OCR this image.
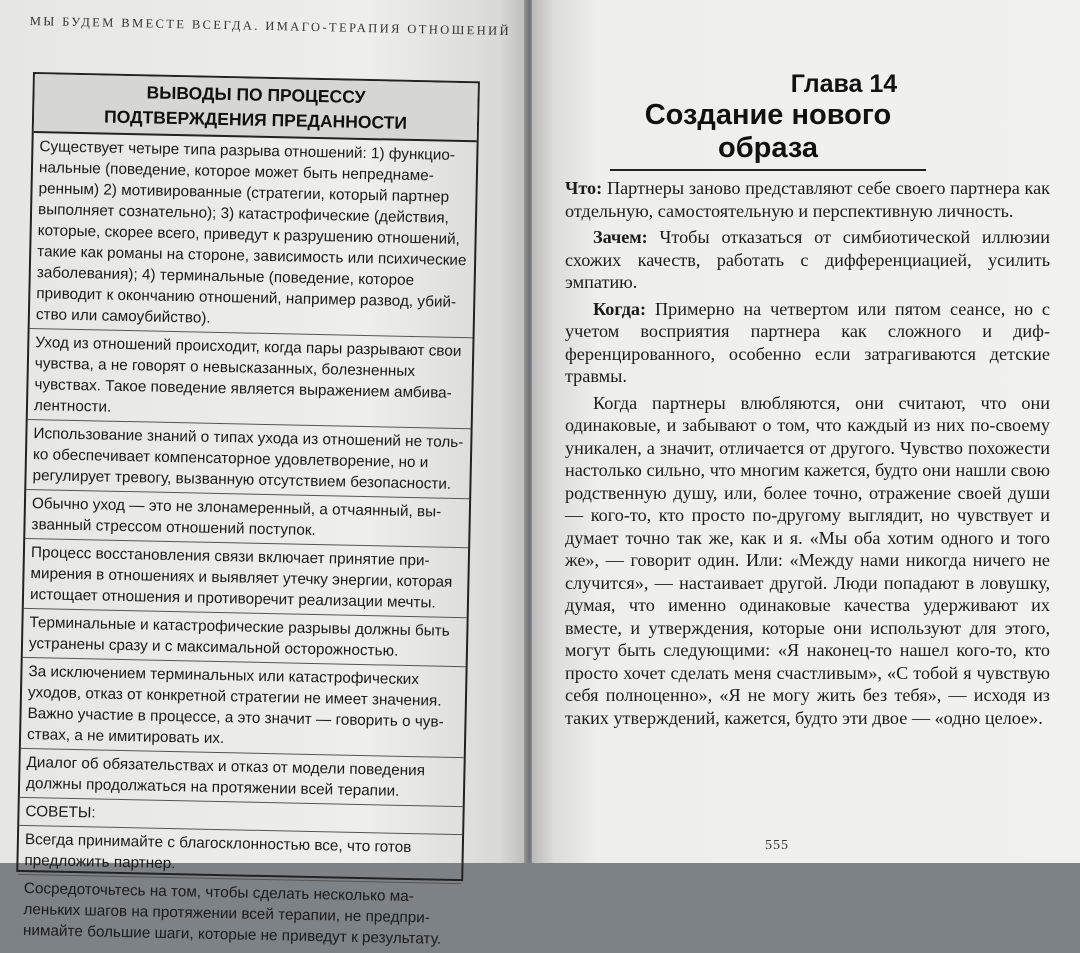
МЫ БУДЕМ ВМЕСТЕ ВСЕГДА. ИМАГО-ТЕРАПИЯ ОТНОШЕНИЙ
ВЫВОДЫ ПО ПРОЦЕССУ
ПОДТВЕРЖДЕНИЯ ПРЕДАННОСТИ

Существует четыре типа разрыва отношений: 1) функциональные (поведение, которое может быть непреднамеренным) 2) мотивированные (стратегии, который партнер выполняет сознательно); 3) катастрофические (действия, которые, скорее всего, приведут к разрушению отношений, такие как романы на стороне, зависимость или психические заболевания); 4) терминальные (поведение, которое приводит к окончанию отношений, например развод, убийство или самоубийство).

Уход из отношений происходит, когда пары разрывают свои чувства, а не говорят о невысказанных, болезненных чувствах. Такое поведение является выражением амбивалентности.

Использование знаний о типах ухода из отношений не только обеспечивает компенсаторное удовлетворение, но и регулирует тревогу, вызванную отсутствием безопасности.

Обычно уход — это не злонамеренный, а отчаянный, вызванный стрессом отношений поступок.

Процесс восстановления связи включает принятие примирения в отношениях и выявляет утечку энергии, которая истощает отношения и противоречит реализации мечты.

Терминальные и катастрофические разрывы должны быть устранены сразу и с максимальной осторожностью.

За исключением терминальных или катастрофических уходов, отказ от конкретной стратегии не имеет значения. Важно участие в процессе, а это значит — говорить о чувствах, а не имитировать их.

Диалог об обязательствах и отказ от модели поведения должны продолжаться на протяжении всей терапии.

СОВЕТЫ:

Всегда принимайте с благосклонностью все, что готов предложить партнер.

Сосредоточьтесь на том, чтобы сделать несколько маленьких шагов на протяжении всей терапии, не предпринимайте большие шаги, которые не приведут к результату.

Глава 14
Создание нового образа

Что: Партнеры заново представляют себе своего партнера как отдельную, самостоятельную и перспективную личность.

Зачем: Чтобы отказаться от симбиотической иллюзии схожих качеств, работать с дифференциацией, усилить эмпатию.

Когда: Примерно на четвертом или пятом сеансе, но с учетом восприятия партнера как сложного и дифференцированного, особенно если затрагиваются детские травмы.

Когда партнеры влюбляются, они считают, что они одинаковые, и забывают о том, что каждый из них по-своему уникален, а значит, отличается от другого. Чувство похожести настолько сильно, что многим кажется, будто они нашли свою родственную душу, или, более точно, отражение своей души — кого-то, кто просто по-другому выглядит, но чувствует и думает точно так же, как и я. «Мы оба хотим одного и того же», — говорит один. Или: «Между нами никогда ничего не случится», — настаивает другой. Люди попадают в ловушку, думая, что именно одинаковые качества удерживают их вместе, и утверждения, которые они используют для этого, могут быть следующими: «Я наконец-то нашел кого-то, кто просто хочет сделать меня счастливым», «С тобой я чувствую себя полноценно», «Я не могу жить без тебя», — исходя из таких утверждений, кажется, будто эти двое — «одно целое».

555
